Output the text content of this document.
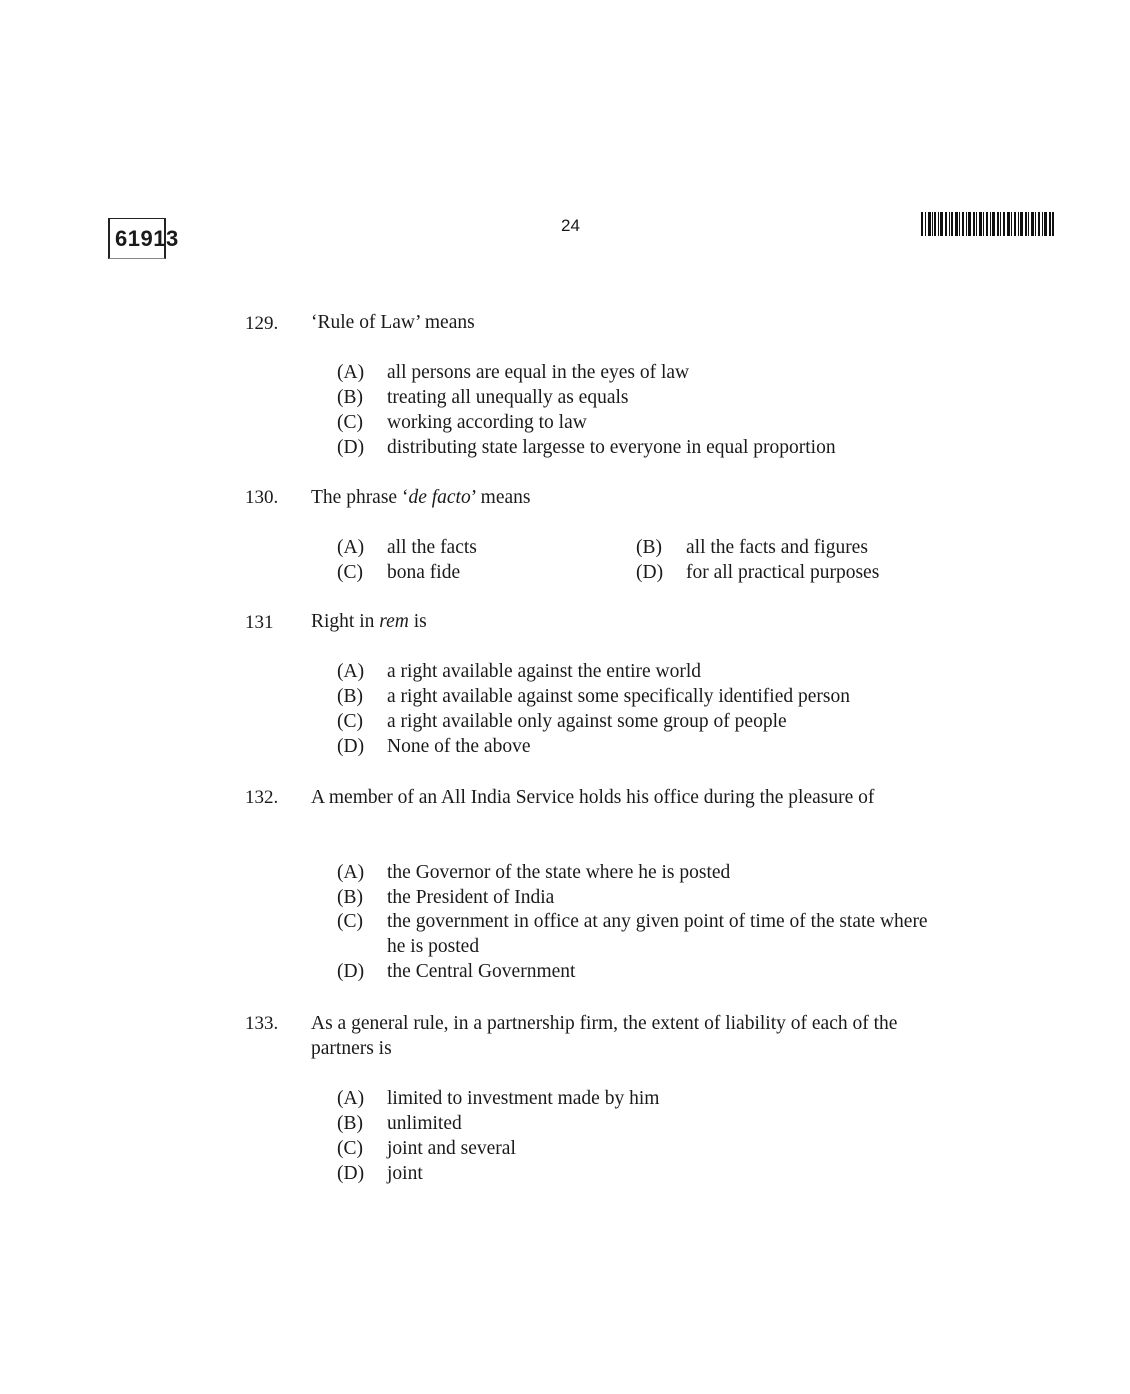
61913
24
129. ‘Rule of Law’ means
(A) all persons are equal in the eyes of law
(B) treating all unequally as equals
(C) working according to law
(D) distributing state largesse to everyone in equal proportion
130. The phrase ‘de facto’ means
(A) all the facts	(B) all the facts and figures
(C) bona fide	(D) for all practical purposes
131 Right in rem is
(A) a right available against the entire world
(B) a right available against some specifically identified person
(C) a right available only against some group of people
(D) None of the above
132. A member of an All India Service holds his office during the pleasure of
(A) the Governor of the state where he is posted
(B) the President of India
(C) the government in office at any given point of time of the state where he is posted
(D) the Central Government
133. As a general rule, in a partnership firm, the extent of liability of each of the partners is
(A) limited to investment made by him
(B) unlimited
(C) joint and several
(D) joint
